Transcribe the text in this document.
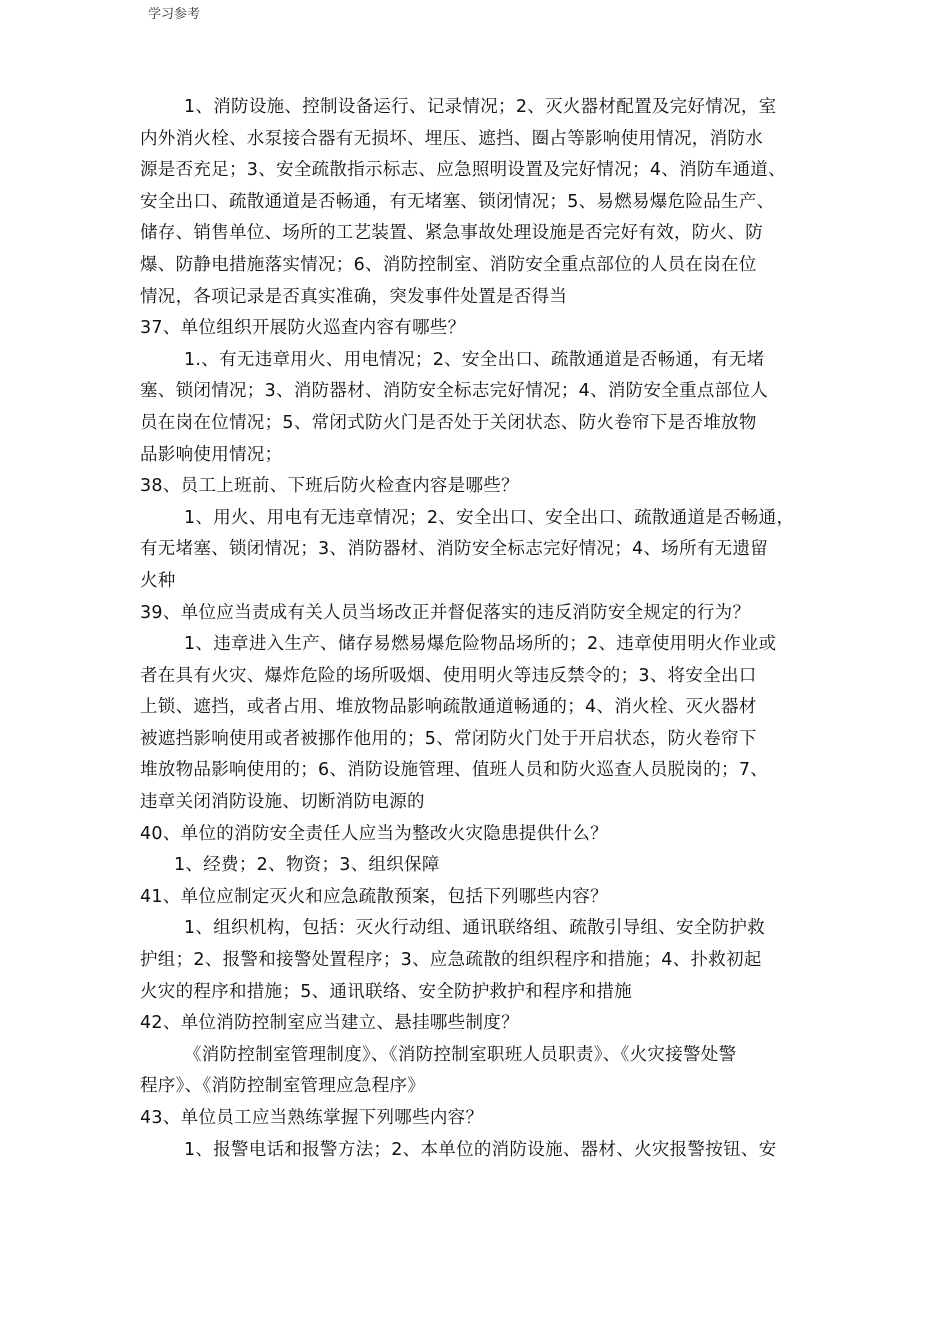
学习参考
1、消防设施、控制设备运行、记录情况；2、灭火器材配置及完好情况，室
内外消火栓、水泵接合器有无损坏、埋压、遮挡、圈占等影响使用情况，消防水
源是否充足；3、安全疏散指示标志、应急照明设置及完好情况；4、消防车通道、
安全出口、疏散通道是否畅通，有无堵塞、锁闭情况；5、易燃易爆危险品生产、
储存、销售单位、场所的工艺装置、紧急事故处理设施是否完好有效，防火、防
爆、防静电措施落实情况；6、消防控制室、消防安全重点部位的人员在岗在位
情况，各项记录是否真实准确，突发事件处置是否得当
37、单位组织开展防火巡查内容有哪些？
1.、有无违章用火、用电情况；2、安全出口、疏散通道是否畅通，有无堵
塞、锁闭情况；3、消防器材、消防安全标志完好情况；4、消防安全重点部位人
员在岗在位情况；5、常闭式防火门是否处于关闭状态、防火卷帘下是否堆放物
品影响使用情况；
38、员工上班前、下班后防火检查内容是哪些？
1、用火、用电有无违章情况；2、安全出口、安全出口、疏散通道是否畅通，
有无堵塞、锁闭情况；3、消防器材、消防安全标志完好情况；4、场所有无遗留
火种
39、单位应当责成有关人员当场改正并督促落实的违反消防安全规定的行为？
1、违章进入生产、储存易燃易爆危险物品场所的；2、违章使用明火作业或
者在具有火灾、爆炸危险的场所吸烟、使用明火等违反禁令的；3、将安全出口
上锁、遮挡，或者占用、堆放物品影响疏散通道畅通的；4、消火栓、灭火器材
被遮挡影响使用或者被挪作他用的；5、常闭防火门处于开启状态，防火卷帘下
堆放物品影响使用的；6、消防设施管理、值班人员和防火巡查人员脱岗的；7、
违章关闭消防设施、切断消防电源的
40、单位的消防安全责任人应当为整改火灾隐患提供什么？
1、经费；2、物资；3、组织保障
41、单位应制定灭火和应急疏散预案，包括下列哪些内容？
1、组织机构，包括：灭火行动组、通讯联络组、疏散引导组、安全防护救
护组；2、报警和接警处置程序；3、应急疏散的组织程序和措施；4、扑救初起
火灾的程序和措施；5、通讯联络、安全防护救护和程序和措施
42、单位消防控制室应当建立、悬挂哪些制度？
《消防控制室管理制度》、《消防控制室职班人员职责》、《火灾接警处警
程序》、《消防控制室管理应急程序》
43、单位员工应当熟练掌握下列哪些内容？
1、报警电话和报警方法；2、本单位的消防设施、器材、火灾报警按钮、安
